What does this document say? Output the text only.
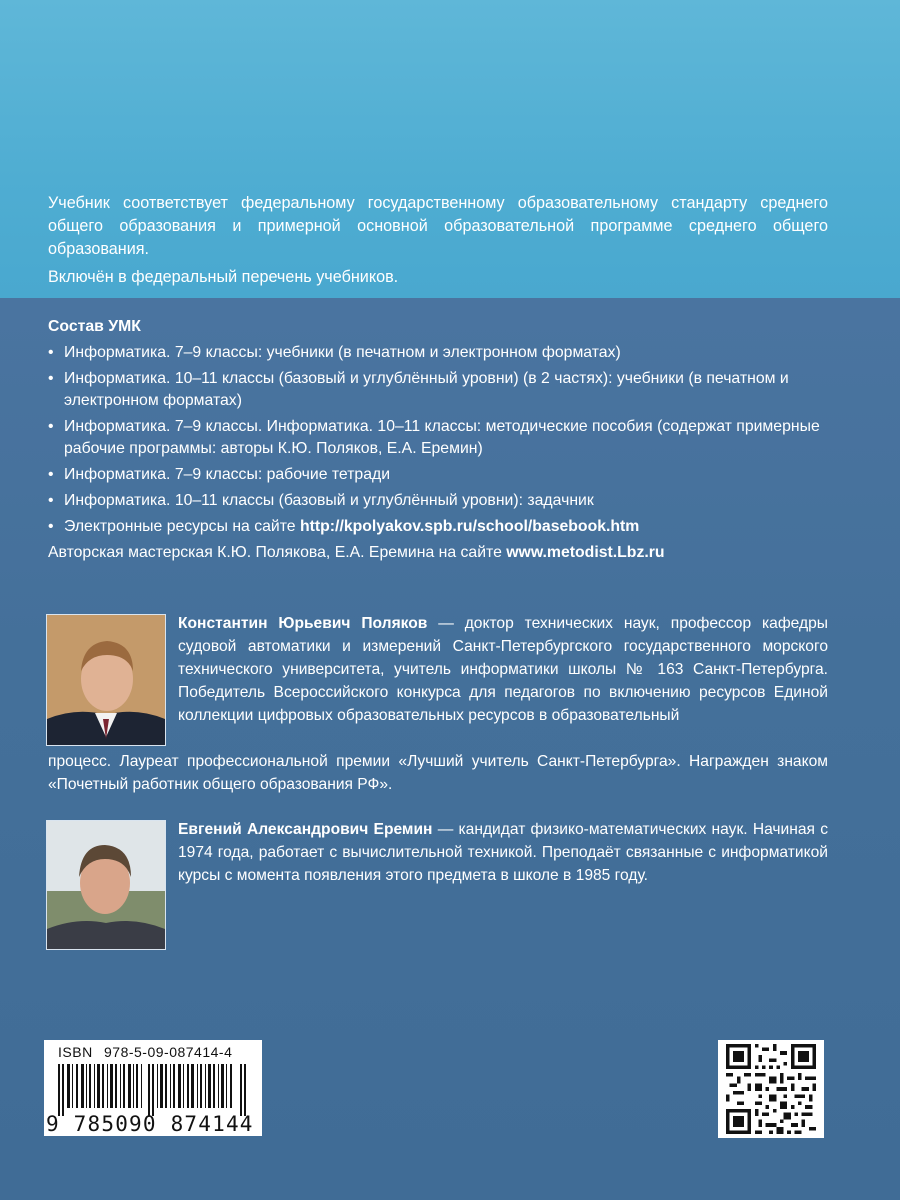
Учебник соответствует федеральному государственному образовательному стандарту среднего общего образования и примерной основной образовательной программе среднего общего образования.

Включён в федеральный перечень учебников.

Состав УМК
• Информатика. 7–9 классы: учебники (в печатном и электронном форматах)
• Информатика. 10–11 классы (базовый и углублённый уровни) (в 2 частях): учебники (в печатном и электронном форматах)
• Информатика. 7–9 классы. Информатика. 10–11 классы: методические пособия (содержат примерные рабочие программы: авторы К.Ю. Поляков, Е.А. Еремин)
• Информатика. 7–9 классы: рабочие тетради
• Информатика. 10–11 классы (базовый и углублённый уровни): задачник
• Электронные ресурсы на сайте http://kpolyakov.spb.ru/school/basebook.htm
Авторская мастерская К.Ю. Полякова, Е.А. Еремина на сайте www.metodist.Lbz.ru
Константин Юрьевич Поляков — доктор технических наук, профессор кафедры судовой автоматики и измерений Санкт-Петербургского государственного морского технического университета, учитель информатики школы № 163 Санкт-Петербурга. Победитель Всероссийского конкурса для педагогов по включению ресурсов Единой коллекции цифровых образовательных ресурсов в образовательный
процесс. Лауреат профессиональной премии «Лучший учитель Санкт-Петербурга». Награжден знаком «Почетный работник общего образования РФ».
Евгений Александрович Еремин — кандидат физико-математических наук. Начиная с 1974 года, работает с вычислительной техникой. Преподаёт связанные с информатикой курсы с момента появления этого предмета в школе в 1985 году.
ISBN 978-5-09-087414-4
9 785090 874144
